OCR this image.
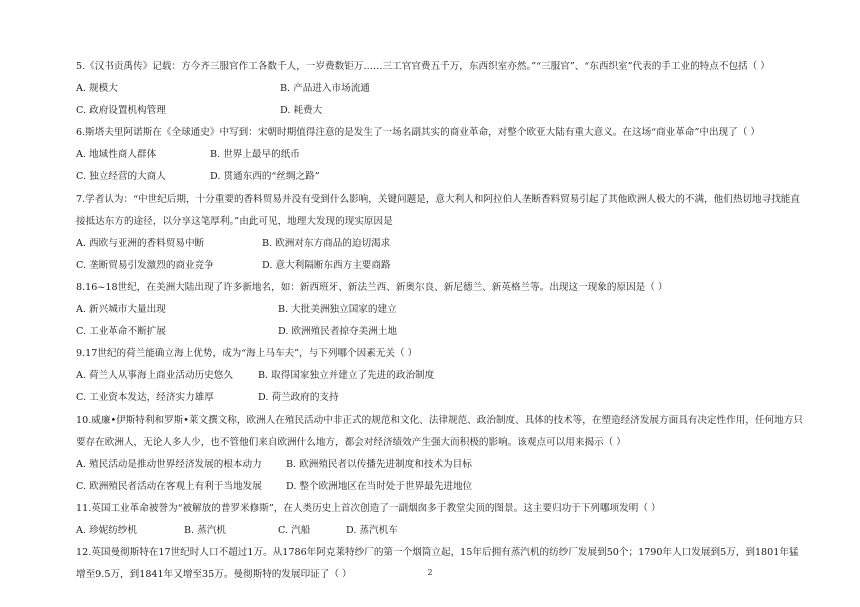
5.《汉书贡禹传》记载：方今齐三服官作工各数千人，一岁费数钜万……三工官官费五千万，东西织室亦然。”“三服官”、“东西织室”代表的手工业的特点不包括（ ）
A. 规模大	B. 产品进入市场流通
C. 政府设置机构管理	D. 耗费大
6.斯塔夫里阿诺斯在《全球通史》中写到：宋朝时期值得注意的是发生了一场名副其实的商业革命，对整个欧亚大陆有重大意义。在这场“商业革命”中出现了（ ）
A. 地域性商人群体	B. 世界上最早的纸币
C. 独立经营的大商人	D. 贯通东西的“丝绸之路”
7.学者认为：“中世纪后期，十分重要的香料贸易并没有受到什么影响，关键问题是，意大利人和阿拉伯人垄断香料贸易引起了其他欧洲人极大的不满，他们热切地寻找能直接抵达东方的途径，以分享这笔厚利。”由此可见，地理大发现的现实原因是
A. 西欧与亚洲的香料贸易中断	B. 欧洲对东方商品的迫切渴求
C. 垄断贸易引发激烈的商业竞争	D. 意大利隔断东西方主要商路
8.16~18世纪，在美洲大陆出现了许多新地名，如：新西班牙、新法兰西、新奥尔良、新尼德兰、新英格兰等。出现这一现象的原因是（ ）
A. 新兴城市大量出现	B. 大批美洲独立国家的建立
C. 工业革命不断扩展	D. 欧洲殖民者掠夺美洲土地
9.17世纪的荷兰能确立海上优势，成为“海上马车夫”，与下列哪个因素无关（ ）
A. 荷兰人从事海上商业活动历史悠久	B. 取得国家独立并建立了先进的政治制度
C. 工业资本发达，经济实力雄厚	D. 荷兰政府的支持
10.威廉•伊斯特利和罗斯•莱文撰文称，欧洲人在殖民活动中非正式的规范和文化、法律规范、政治制度、具体的技术等，在塑造经济发展方面具有决定性作用，任何地方只要存在欧洲人，无论人多人少，也不管他们来自欧洲什么地方，都会对经济绩效产生强大而积极的影响。该观点可以用来揭示（ ）
A. 殖民活动是推动世界经济发展的根本动力	B. 欧洲殖民者以传播先进制度和技术为目标
C. 欧洲殖民者活动在客观上有利于当地发展	D. 整个欧洲地区在当时处于世界最先进地位
11.英国工业革命被誉为“被解放的普罗米修斯”，在人类历史上首次创造了一副烟囱多于教堂尖顶的图景。这主要归功于下列哪项发明（ ）
A. 珍妮纺纱机	B. 蒸汽机	C. 汽船	D. 蒸汽机车
12.英国曼彻斯特在17世纪时人口不超过1万。从1786年阿克莱特纱厂的第一个烟筒立起，15年后拥有蒸汽机的纺纱厂发展到50个；1790年人口发展到5万，到1801年猛增至9.5万，到1841年又增至35万。曼彻斯特的发展印证了（ ）	2
